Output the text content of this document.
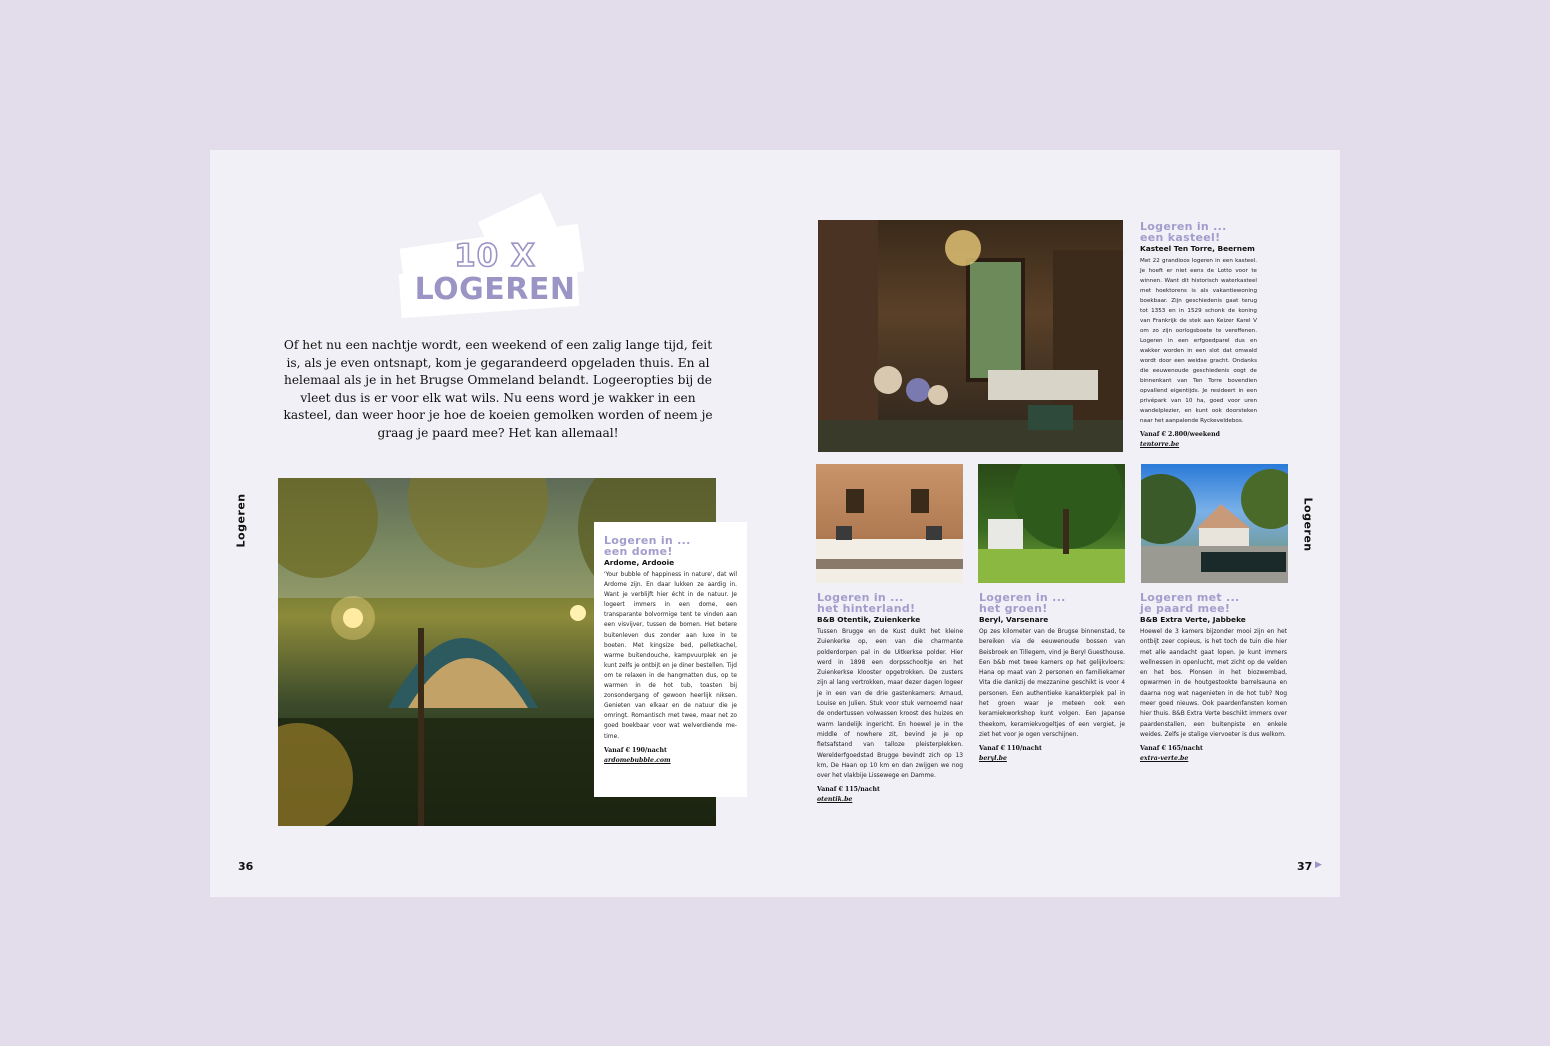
10 X
LOGEREN
Of het nu een nachtje wordt, een weekend of een zalig lange tijd, feit is, als je even ontsnapt, kom je gegarandeerd opgeladen thuis. En al helemaal als je in het Brugse Ommeland belandt. Logeeropties bij de vleet dus is er voor elk wat wils. Nu eens word je wakker in een kasteel, dan weer hoor je hoe de koeien gemolken worden of neem je graag je paard mee? Het kan allemaal!
Logeren	Logeren
36	37 ▶
Logeren in ...
een dome!
Ardome, Ardooie
'Your bubble of happiness in nature', dat wil Ardome zijn. En daar lukken ze aardig in. Want je verblijft hier écht in de natuur. Je logeert immers in een dome, een transparante bolvormige tent te vinden aan een visvijver, tussen de bomen. Het betere buitenleven dus zonder aan luxe in te boeten. Met kingsize bed, pelletkachel, warme buitendouche, kampvuurplek en je kunt zelfs je ontbijt en je diner bestellen. Tijd om te relaxen in de hangmatten dus, op te warmen in de hot tub, toasten bij zonsondergang of gewoon heerlijk niksen. Genieten van elkaar en de natuur die je omringt. Romantisch met twee, maar net zo goed boekbaar voor wat welverdiende me-time.
Vanaf € 190/nacht
ardomebubble.com
Logeren in ...
een kasteel!
Kasteel Ten Torre, Beernem
Met 22 grandioos logeren in een kasteel. Je hoeft er niet eens de Lotto voor te winnen. Want dit historisch waterkasteel met hoektorens is als vakantiewoning boekbaar. Zijn geschiedenis gaat terug tot 1353 en in 1529 schonk de koning van Frankrijk de stek aan Keizer Karel V om zo zijn oorlogsboete te vereffenen. Logeren in een erfgoedparel dus en wakker worden in een slot dat omwald wordt door een weidse gracht. Ondanks die eeuwenoude geschiedenis oogt de binnenkant van Ten Torre bovendien opvallend eigentijds. Je resideert in een privépark van 10 ha, goed voor uren wandelplezier, en kunt ook doorsteken naar het aanpalende Ryckeveldebos.
Vanaf € 2.800/weekend
tentorre.be
Logeren in ...
het hinterland!
B&B Otentik, Zuienkerke
Tussen Brugge en de Kust duikt het kleine Zuienkerke op, een van die charmante polderdorpen pal in de Uitkerkse polder. Hier werd in 1898 een dorpsschooltje en het Zuienkerkse klooster opgetrokken. De zusters zijn al lang vertrokken, maar dezer dagen logeer je in een van de drie gastenkamers: Arnaud, Louise en Julien. Stuk voor stuk vernoemd naar de ondertussen volwassen kroost des huizes en warm landelijk ingericht. En hoewel je in the middle of nowhere zit, bevind je je op fietsafstand van talloze pleisterplekken. Werelderfgoedstad Brugge bevindt zich op 13 km, De Haan op 10 km en dan zwijgen we nog over het vlakbije Lissewege en Damme.
Vanaf € 115/nacht
otentik.be
Logeren in ...
het groen!
Beryl, Varsenare
Op zes kilometer van de Brugse binnenstad, te bereiken via de eeuwenoude bossen van Beisbroek en Tillegem, vind je Beryl Guesthouse. Een b&b met twee kamers op het gelijkvloers: Hana op maat van 2 personen en familiekamer Vita die dankzij de mezzanine geschikt is voor 4 personen. Een authentieke kanakterplek pal in het groen waar je meteen ook een keramiekworkshop kunt volgen. Een Japanse theekom, keramiekvogeltjes of een vergiet, je ziet het voor je ogen verschijnen.
Vanaf € 110/nacht
beryl.be
Logeren met ...
je paard mee!
B&B Extra Verte, Jabbeke
Hoewel de 3 kamers bijzonder mooi zijn en het ontbijt zeer copieus, is het toch de tuin die hier met alle aandacht gaat lopen. Je kunt immers wellnessen in openlucht, met zicht op de velden en het bos. Plonsen in het biozwembad, opwarmen in de houtgestookte barrelsauna en daarna nog wat nagenieten in de hot tub? Nog meer goed nieuws. Ook paardenfansten komen hier thuis. B&B Extra Verte beschikt immers over paardenstallen, een buitenpiste en enkele weides. Zelfs je stalige viervoeter is dus welkom.
Vanaf € 165/nacht
extra-verte.be
